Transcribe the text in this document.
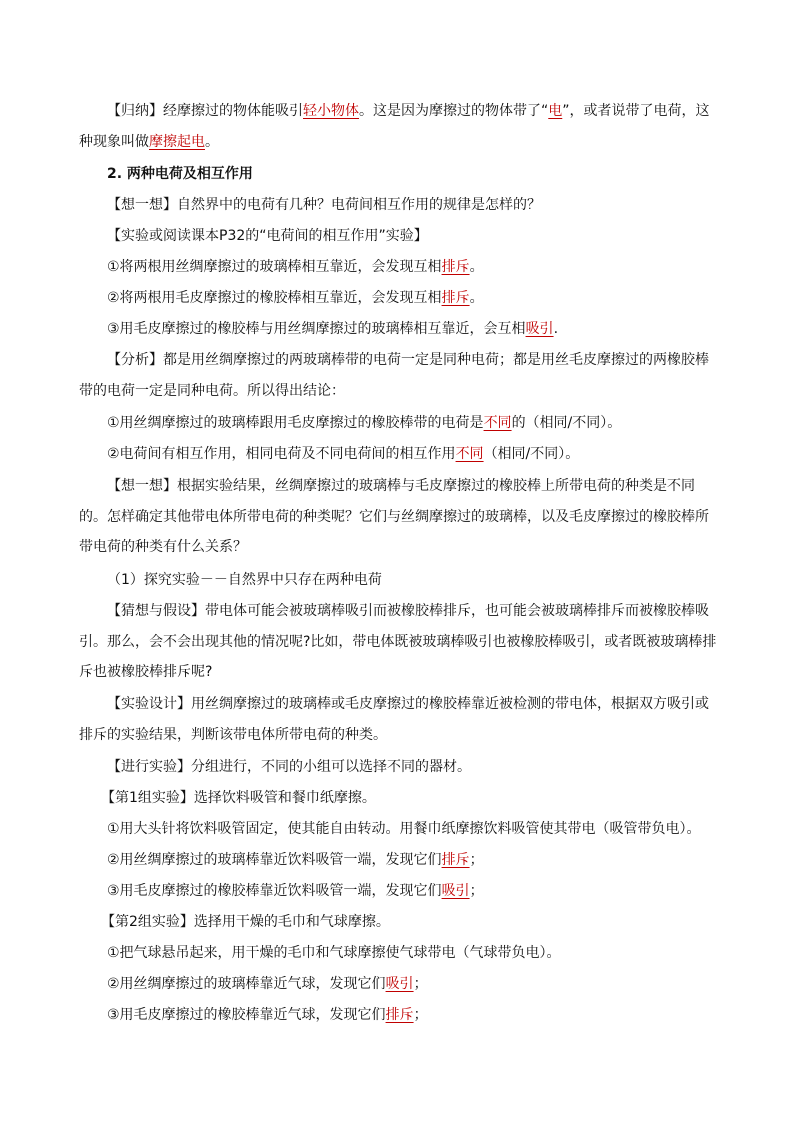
【归纳】经摩擦过的物体能吸引轻小物体。这是因为摩擦过的物体带了“电”，或者说带了电荷，这种现象叫做摩擦起电。
2. 两种电荷及相互作用
【想一想】自然界中的电荷有几种？电荷间相互作用的规律是怎样的？
【实验或阅读课本P32的“电荷间的相互作用”实验】
①将两根用丝绸摩擦过的玻璃棒相互靠近，会发现互相排斥。
②将两根用毛皮摩擦过的橡胶棒相互靠近，会发现互相排斥。
③用毛皮摩擦过的橡胶棒与用丝绸摩擦过的玻璃棒相互靠近，会互相吸引.
【分析】都是用丝绸摩擦过的两玻璃棒带的电荷一定是同种电荷；都是用丝毛皮摩擦过的两橡胶棒带的电荷一定是同种电荷。所以得出结论：
①用丝绸摩擦过的玻璃棒跟用毛皮摩擦过的橡胶棒带的电荷是不同的（相同/不同）。
②电荷间有相互作用，相同电荷及不同电荷间的相互作用不同（相同/不同）。
【想一想】根据实验结果，丝绸摩擦过的玻璃棒与毛皮摩擦过的橡胶棒上所带电荷的种类是不同的。怎样确定其他带电体所带电荷的种类呢？它们与丝绸摩擦过的玻璃棒，以及毛皮摩擦过的橡胶棒所带电荷的种类有什么关系？
（1）探究实验－－自然界中只存在两种电荷
【猜想与假设】带电体可能会被玻璃棒吸引而被橡胶棒排斥，也可能会被玻璃棒排斥而被橡胶棒吸引。那么，会不会出现其他的情况呢?比如，带电体既被玻璃棒吸引也被橡胶棒吸引，或者既被玻璃棒排斥也被橡胶棒排斥呢?
【实验设计】用丝绸摩擦过的玻璃棒或毛皮摩擦过的橡胶棒靠近被检测的带电体，根据双方吸引或排斥的实验结果，判断该带电体所带电荷的种类。
【进行实验】分组进行，不同的小组可以选择不同的器材。
【第1组实验】选择饮料吸管和餐巾纸摩擦。
①用大头针将饮料吸管固定，使其能自由转动。用餐巾纸摩擦饮料吸管使其带电（吸管带负电）。
②用丝绸摩擦过的玻璃棒靠近饮料吸管一端，发现它们排斥；
③用毛皮摩擦过的橡胶棒靠近饮料吸管一端，发现它们吸引；
【第2组实验】选择用干燥的毛巾和气球摩擦。
①把气球悬吊起来，用干燥的毛巾和气球摩擦使气球带电（气球带负电）。
②用丝绸摩擦过的玻璃棒靠近气球，发现它们吸引；
③用毛皮摩擦过的橡胶棒靠近气球，发现它们排斥；
